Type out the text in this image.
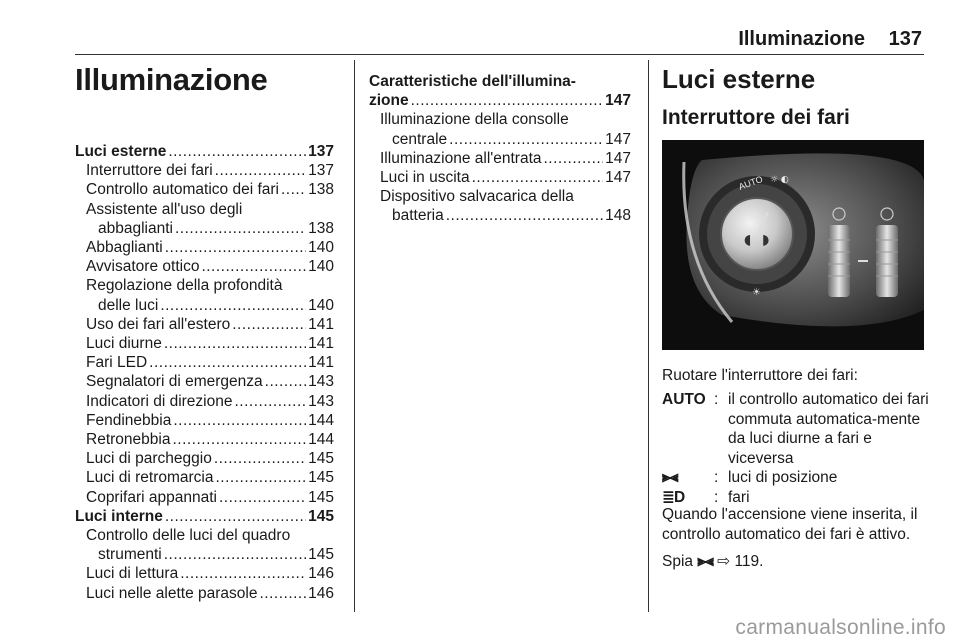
Illuminazione 137
Illuminazione
Luci esterne .....	137
Interruttore dei fari .....	137
Controllo automatico dei fari ..... 138
Assistente all'uso degli
abbaglianti .....	138
Abbaglianti .....	140
Avvisatore ottico .....	140
Regolazione della profondità
delle luci .....	140
Uso dei fari all'estero .....	141
Luci diurne .....	141
Fari LED .....	141
Segnalatori di emergenza .....	143
Indicatori di direzione .....	143
Fendinebbia .....	144
Retronebbia .....	144
Luci di parcheggio .....	145
Luci di retromarcia .....	145
Coprifari appannati .....	145
Luci interne .....	145
Controllo delle luci del quadro
strumenti .....	145
Luci di lettura .....	146
Luci nelle alette parasole .....	146
Caratteristiche dell'illumina-
zione .....	147
Illuminazione della consolle
centrale .....	147
Illuminazione all'entrata .....	147
Luci in uscita .....	147
Dispositivo salvacarica della
batteria .....	148
Luci esterne
Interruttore dei fari
AUTO ☼ ◐
◖ ◗
☀
Ruotare l'interruttore dei fari:
AUTO : il controllo automatico dei fari commuta automatica-mente da luci diurne a fari e viceversa
⫸⫷	: luci di posizione
≣D	: fari
Quando l'accensione viene inserita, il controllo automatico dei fari è attivo.
Spia ⫸⫷ ⇨ 119.
carmanualsonline.info
